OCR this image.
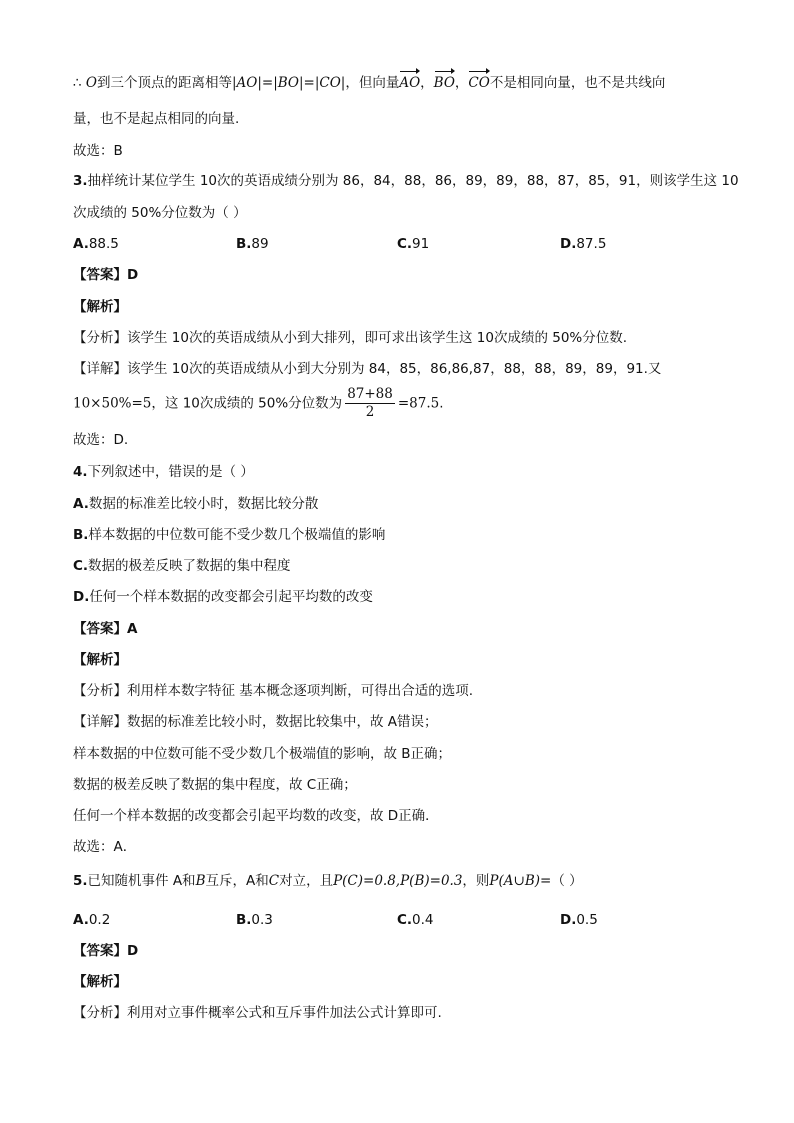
∴ O到三个顶点的距离相等|AO|=|BO|=|CO|，但向量AO，BO，CO不是相同向量，也不是共线向
量，也不是起点相同的向量.
故选：B
3.抽样统计某位学生 10次的英语成绩分别为 86，84，88，86，89，89，88，87，85，91，则该学生这 10
次成绩的 50%分位数为（ ）
A.88.5	B.89	C.91	D.87.5
【答案】D
【解析】
【分析】该学生 10次的英语成绩从小到大排列，即可求出该学生这 10次成绩的 50%分位数.
【详解】该学生 10次的英语成绩从小到大分别为 84，85，86,86,87，88，88，89，89，91.又
10×50%=5，这 10次成绩的 50%分位数为 $\frac{87+88}{2} =87.5$.
故选：D.
4.下列叙述中，错误的是（ ）
A.数据的标准差比较小时，数据比较分散
B.样本数据的中位数可能不受少数几个极端值的影响
C.数据的极差反映了数据的集中程度
D.任何一个样本数据的改变都会引起平均数的改变
【答案】A
【解析】
【分析】利用样本数字特征 基本概念逐项判断，可得出合适的选项.
【详解】数据的标准差比较小时，数据比较集中，故 A错误；
样本数据的中位数可能不受少数几个极端值的影响，故 B正确；
数据的极差反映了数据的集中程度，故 C正确；
任何一个样本数据的改变都会引起平均数的改变，故 D正确．
故选：A．
5.已知随机事件 A和B互斥，A和C对立，且P(C)=0.8,P(B)=0.3，则P(A∪B)=（ ）
A.0.2	B.0.3	C.0.4	D.0.5
【答案】D
【解析】
【分析】利用对立事件概率公式和互斥事件加法公式计算即可.
